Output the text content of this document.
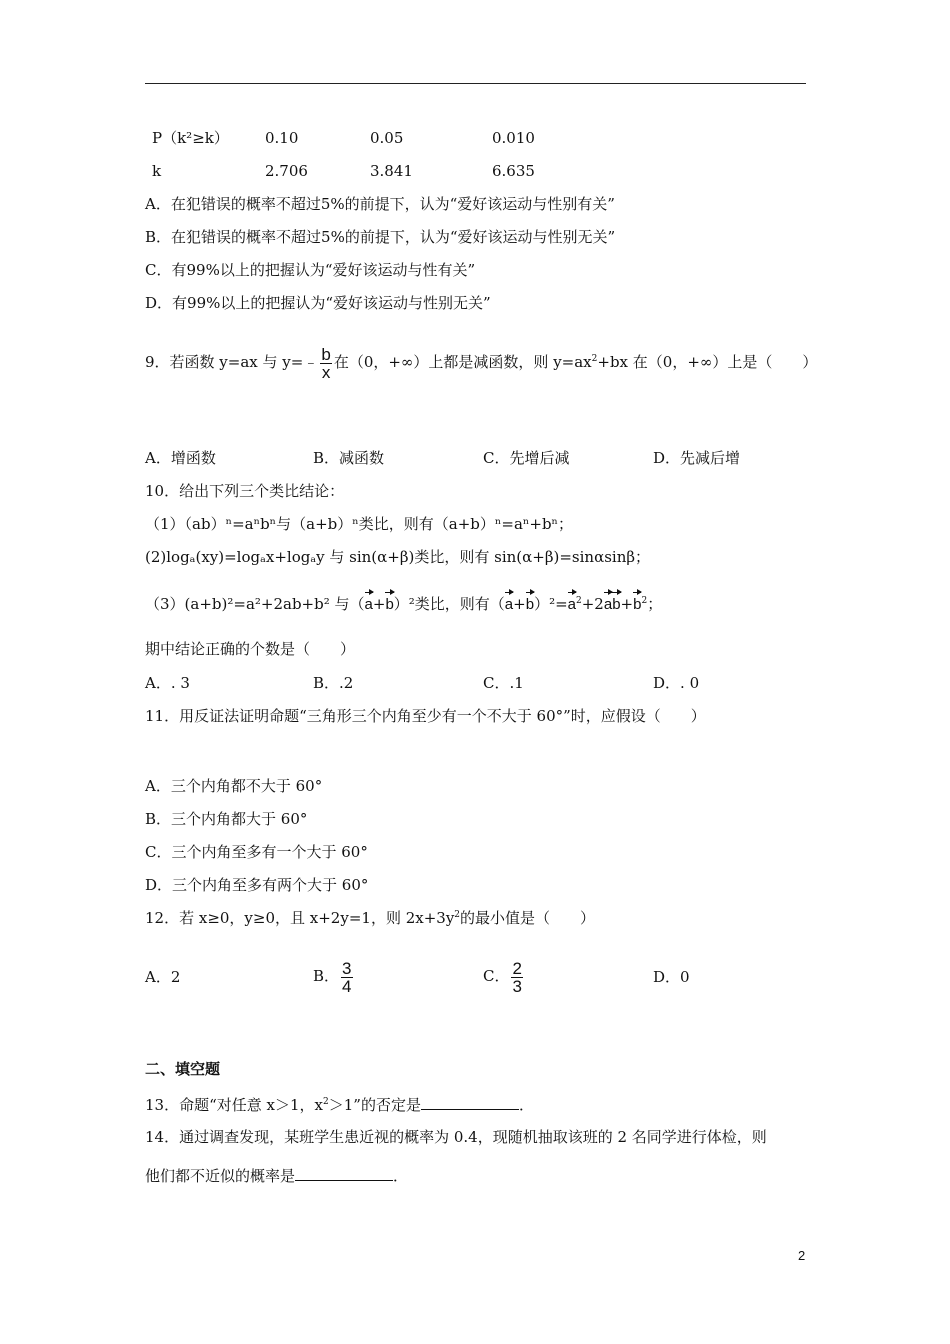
P（k²≥k） 0.10	0.05	0.010
k	2.706	3.841	6.635
A．在犯错误的概率不超过5%的前提下，认为“爱好该运动与性别有关”
B．在犯错误的概率不超过5%的前提下，认为“爱好该运动与性别无关”
C．有99%以上的把握认为“爱好该运动与性有关”
D．有99%以上的把握认为“爱好该运动与性别无关”
9．若函数 y=ax 与 y=﹣ $\frac{b}{x}$ 在（0，+∞）上都是减函数，则 $y=ax^2+bx$ 在（0，+∞）上是（　　）
A．增函数	B．减函数	C．先增后减	D．先减后增
10．给出下列三个类比结论：
（1）（ab）ⁿ=aⁿbⁿ与（a+b）ⁿ类比，则有（a+b）ⁿ=aⁿ+bⁿ；
(2)logₐ(xy)=logₐx+logₐy 与 sin(α+β)类比，则有 sin(α+β)=sinαsinβ；
（3）(a+b)²=a²+2ab+b² 与（a+b）²类比，则有$(a+b)^2=a^2+2ab+b^2$；
期中结论正确的个数是（　　）
A．. 3	B．.2	C．.1	D．. 0
11．用反证法证明命题“三角形三个内角至少有一个不大于 60°”时，应假设（　　）
A．三个内角都不大于 60°
B．三个内角都大于 60°
C．三个内角至多有一个大于 60°
D．三个内角至多有两个大于 60°
12．若 x≥0，y≥0，且 x+2y=1，则 $2x+3y^2$的最小值是（　　）
A．2	B． $\frac{3}{4}$	C． $\frac{2}{3}$	D．0
二、填空题
13．命题“对任意 x＞1，$x^2>1$”的否定是	．
14．通过调查发现，某班学生患近视的概率为 0.4，现随机抽取该班的 2 名同学进行体检，则
他们都不近似的概率是	．
2
